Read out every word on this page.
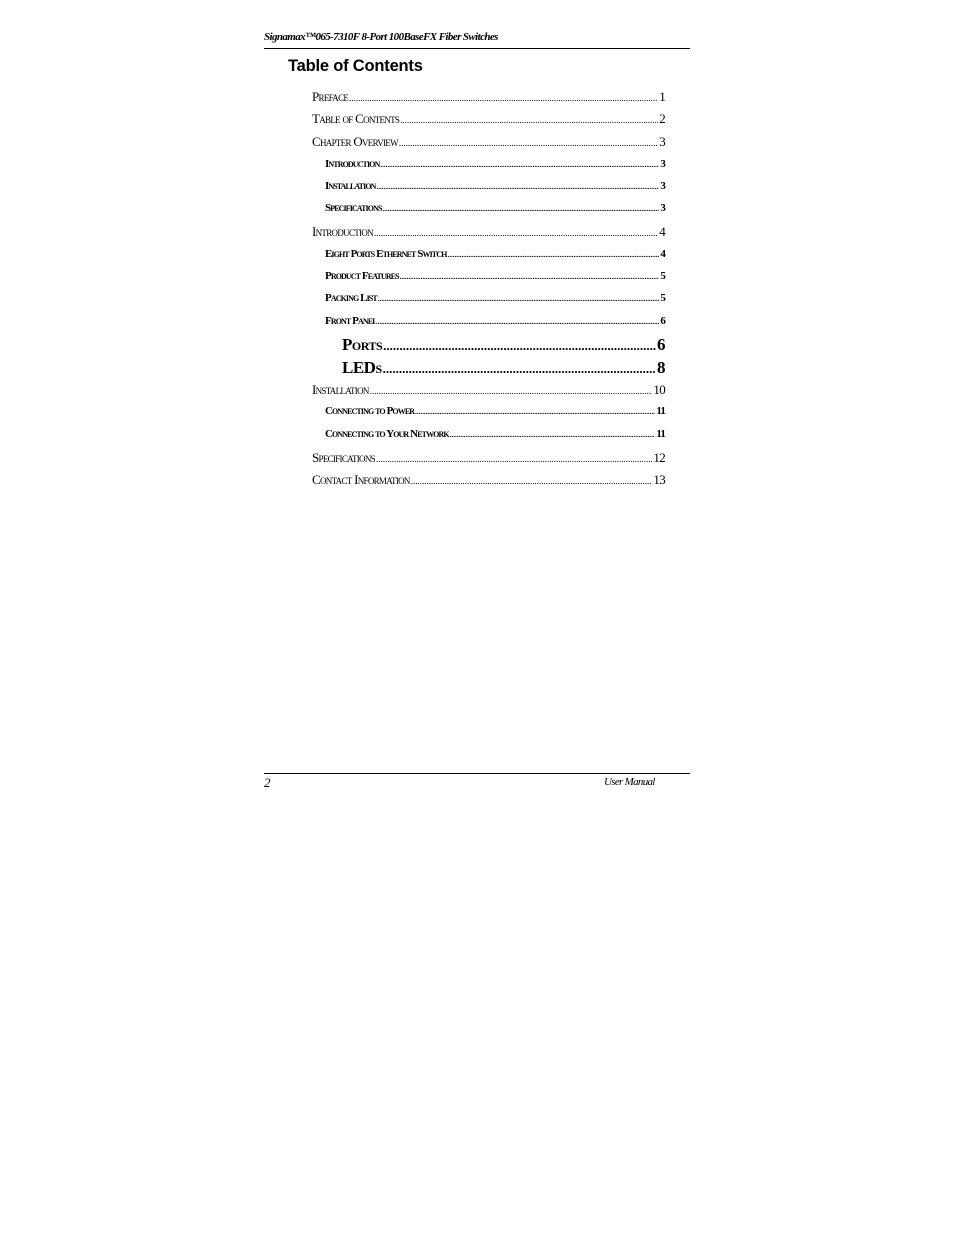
Signamax™065-7310F 8-Port 100BaseFX Fiber Switches
Table of Contents
Preface .....	1
Table of Contents .....	2
Chapter Overview .....	3
Introduction .....	3
Installation .....	3
Specifications .....	3
Introduction .....	4
Eight Ports Ethernet Switch .....	4
Product Features .....	5
Packing List .....	5
Front Panel .....	6
Ports .....	6
LEDs .....	8
Installation .....	10
Connecting to Power .....	11
Connecting to Your Network .....	11
Specifications .....	12
Contact Information .....	13
2	User Manual
